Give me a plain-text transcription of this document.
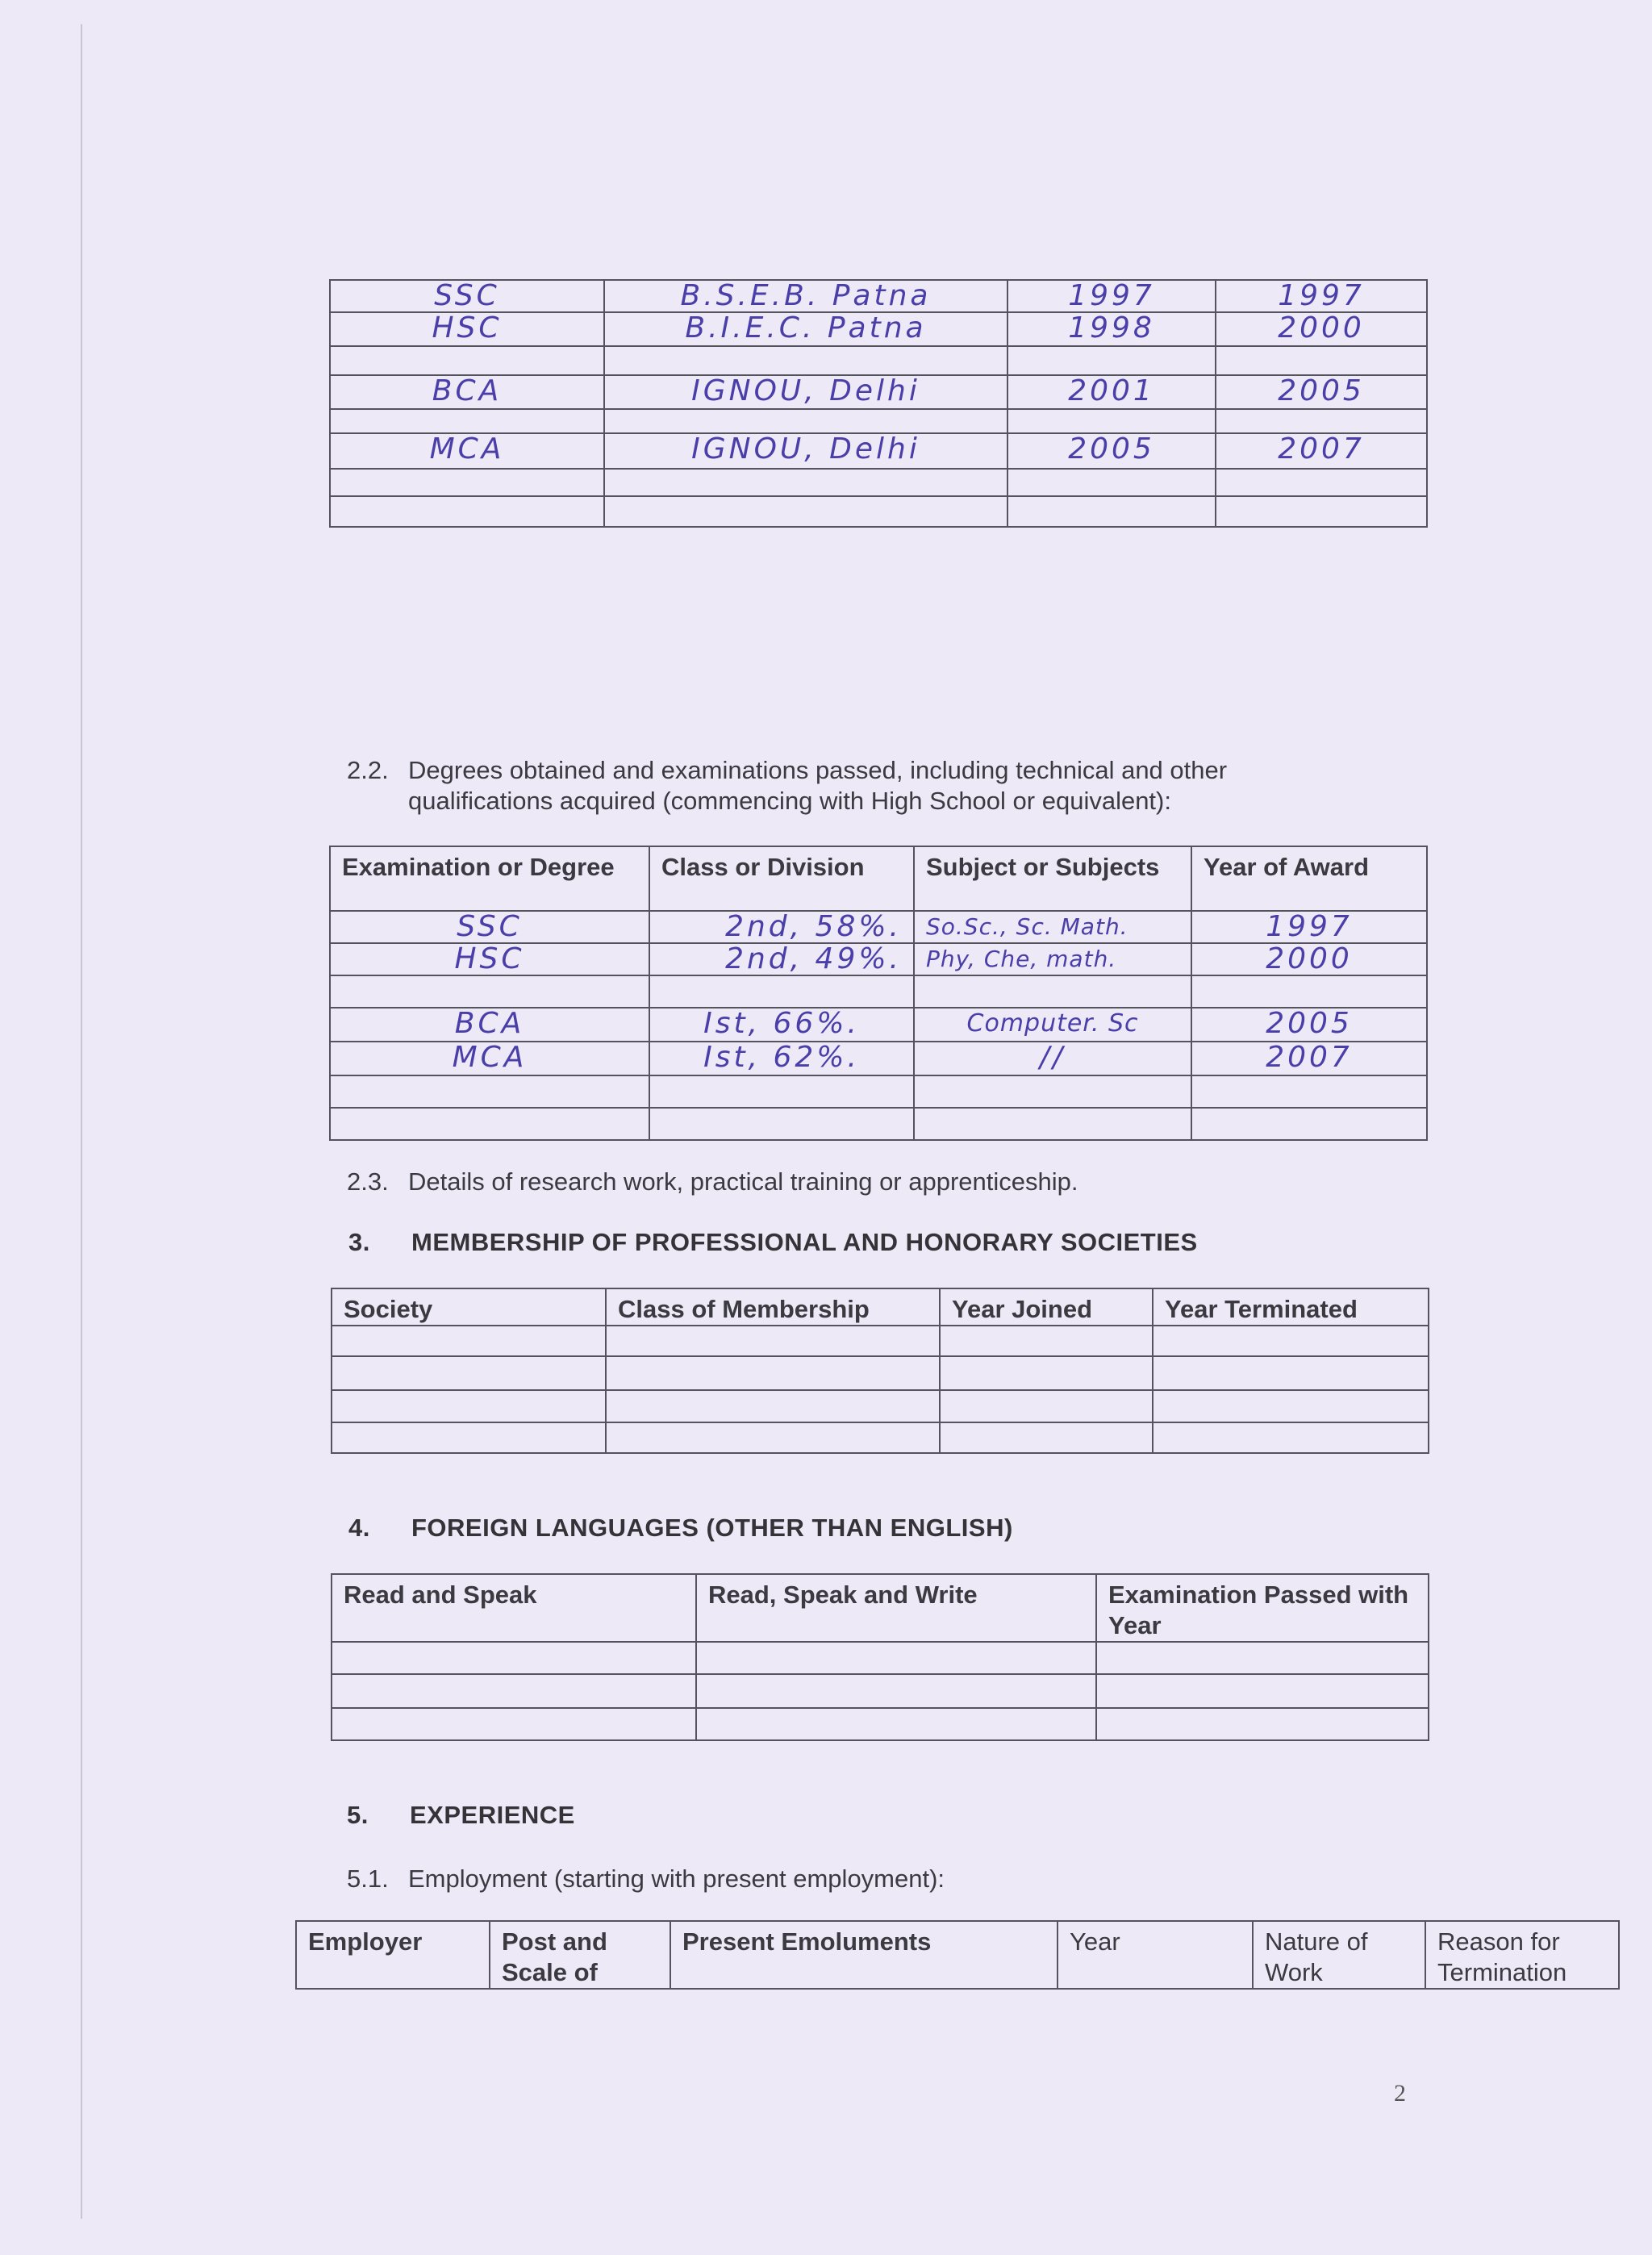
SSC	B.S.E.B. Patna	1997	1997
HSC	B.I.E.C. Patna	1998	2000

BCA	IGNOU, Delhi	2001	2005

MCA	IGNOU, Delhi	2005	2007

2.2. Degrees obtained and examinations passed, including technical and other
qualifications acquired (commencing with High School or equivalent):
Examination or Degree	Class or Division	Subject or Subjects	Year of Award
SSC	2nd, 58%.	So.Sc., Sc. Math.	1997
HSC	2nd, 49%.	Phy, Che, math.	2000

BCA	Ist, 66%.	Computer. Sc	2005
MCA	Ist, 62%.	//	2007

2.3. Details of research work, practical training or apprenticeship.
3. MEMBERSHIP OF PROFESSIONAL AND HONORARY SOCIETIES
Society	Class of Membership	Year Joined	Year Terminated

4. FOREIGN LANGUAGES (OTHER THAN ENGLISH)
Read and Speak	Read, Speak and Write	Examination Passed with Year

5. EXPERIENCE
5.1. Employment (starting with present employment):
Employer	Post and Scale of	Present Emoluments	Year	Nature of Work	Reason for Termination
2
